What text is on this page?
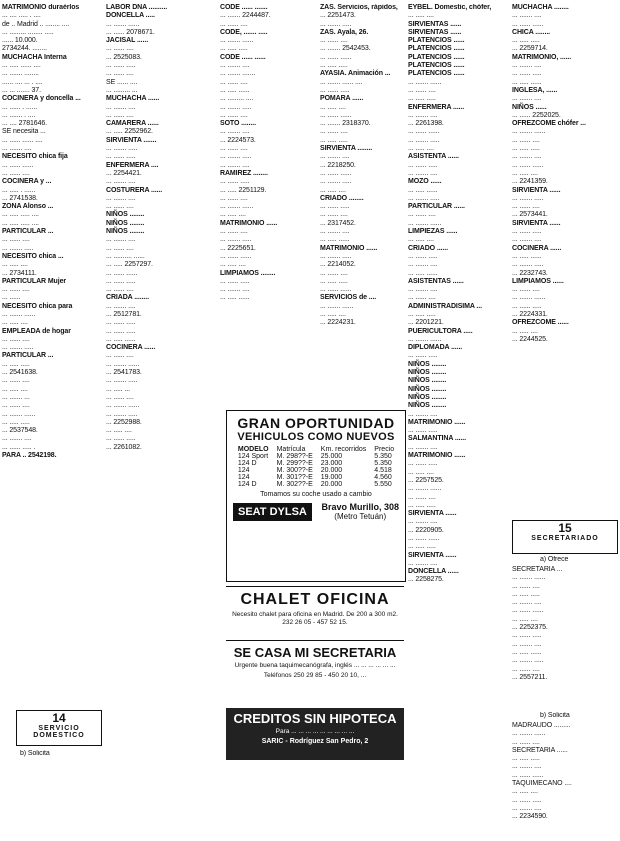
MATRIMONIO duraérlos

... .... ..... . ....

de .. Madrid .. ........ ....

... ......... ........ .....

...... 10.000.

2734244. ........

MUCHACHA Interna

... ..... ...... ....

... ....... ........

...... .... ... . ....

... ... ....... 37.

COCINERA y doncella ...

... ...... . ......

... ....... . ....

... .... 2781646.

SE necesita ...

... ...... ...... ....

... ....... ....

NECESITO chica fija

... ...... ......

... ...... ....

COCINERA y ...

... ..... . ......

... 2741538.

ZONA Alonso ...

... ..... ..... ....

... ..... ..... ....

PARTICULAR ...

... ...... ....

... ....... .....

NECESITO chica ...

... ..... ....

... 2734111.

PARTICULAR Mujer

... ...... ....

... ......

NECESITO chica para

... ....... ......

... ..... ....

EMPLEADA de hogar

... ...... ....

... ....... .....

PARTICULAR ...

... ..... .....

... 2541638.

... ...... ....

... ..... ....

... ....... ...

... ...... ....

... ....... ......

... ..... .....

... 2537548.

... ....... ....

... ...... ..... .

PARA .. 2542198.

14
SERVICIO DOMESTICO

b) Solicita

LABOR DNA ..........

DONCELLA .....

... ....... ......

... ...... 2078671.

JACISAL ......

... ...... ....

... 2525083.

... ...... .....

... ...... ....

SE ...... ....

... ......... ...

MUCHACHA ......

... ....... ....

... ...... ....

CAMARERA ......

... ..... 2252962.

SIRVIENTA .......

... ....... .....

... ...... .....

ENFERMERA ....

... 2254421.

... ....... ....

COSTURERA ......

... ....... ....

... ...... ....

NIÑOS ........

NIÑOS ........

NIÑOS ........

... ....... ....

... ...... ....

... .......... ......

... ..... 2257297.

... ...... ......

... ...... .....

... ...... ....

CRIADA ........

... ....... ....

... 2512781.

... ...... .....

... ...... .....

... ..... ......

COCINERA ......

... ...... ....

... ....... ......

... 2541783.

... ....... .....

... ..... ...

... ...... ....

... ....... ......

... ....... .....

... 2252988.

... ..... ....

... ...... .....

... 2261082.

CODE ...... .......

... ....... 2244487.

... ...... ....

CODE, ....... .....

... ....... ......

... ..... .....

CODE ...... ......

... ....... ....

... ....... .......

... ...... ....

... ..... ......

... ......... ....

... ....... .....

... ...... ....

SOTO ........

... ....... ....

... 2224573.

... ...... ....

... ....... .....

... ....... ....

RAMIREZ ........

... ...... .....

... ..... 2251129.

... ...... ....

... ....... ......

... ..... ....

MATRIMONIO ......

... ...... ....

... ....... .....

... 2225651.

... ...... ......

... ..... ....

LIMPIAMOS ........

... ...... .....

... ....... ....

... ..... ......

ZAS. Servicios, rápidos,

... 2251473.

... ....... .....

ZAS. Ayala, 26.

... ...... ....

... ....... 2542453.

... ...... ......

... ..... .....

AYASIA. Animación ...

... ....... ...... ....

... ...... .....

POMARA ......

... ..... ....

... ...... ......

... ....... 2318370.

... ...... ....

... ..... .....

SIRVIENTA ........

... ....... ....

... 2218250.

... ...... ......

... ....... .....

... ..... ....

CRIADO ........

... ...... .....

... ...... ....

... 2317452.

... ....... ....

... ..... ......

MATRIMONIO ......

... ....... .....

... 2214052.

... ...... ....

... ..... .....

... ...... ......

SERVICIOS de ....

... ....... ......

... ..... ....

... 2224231.

GRAN OPORTUNIDAD
VEHICULOS COMO NUEVOS
MODELO	Matrícula	Km. recorridos	Precio
124 Sport	M. 298??-E	25.000	5.350
124 D	M. 299??-E	23.000	5.350
124	M. 300??-E	20.000	4.518
124	M. 301??-E	19.000	4.560
124 D	M. 302??-E	20.000	5.550
Tomamos su coche usado a cambio
SEAT DYLSA	Bravo Murillo, 308
(Metro Tetuán)
CHALET OFICINA
Necesito chalet para oficina en Madrid. De 200 a 300 m2. 232 26 05 - 457 52 15.
SE CASA MI SECRETARIA
Urgente buena taquimecanógrafa, inglés ... ... ... ... ... ...
Teléfonos 250 29 85 - 450 20 10, ...
CREDITOS SIN HIPOTECA
Para ... ... ... ... ... ... ... ... ...
SARIC - Rodríguez San Pedro, 2

EYBEL. Domestic, chófer,

... ..... ....

SIRVIENTAS ......

SIRVIENTAS ......

PLATENCIOS ......

PLATENCIOS ......

PLATENCIOS ......

PLATENCIOS ......

PLATENCIOS ......

... ....... ......

... ...... ....

... ..... .....

ENFERMERA ......

... ....... ....

... 2261398.

... ...... ......

... ....... .....

... ..... ....

ASISTENTA ......

... ...... .....

... ....... ....

MOZO ......

... ..... ......

... ....... .....

PARTICULAR ......

... ...... ....

... ....... ......

LIMPIEZAS ......

... ..... ....

CRIADO ......

... ...... .....

... ....... ....

... ..... ......

ASISTENTAS ......

... ....... ....

... ...... ....

ADMINISTRADISIMA ...

... ..... .....

... 2201221.

PUERICULTORA .....

... ....... ......

DIPLOMADA ......

... ...... .....

NIÑOS ........

NIÑOS ........

NIÑOS ........

NIÑOS ........

NIÑOS ........

NIÑOS ........

... ....... ....

MATRIMONIO ......

... ...... .....

SALMANTINA ......

... ....... ....

MATRIMONIO ......

... ...... .....

... ..... ....

... 2257525.

... ....... ......

... ...... ....

... ..... .....

SIRVIENTA ......

... ....... ....

... 2220905.

... ...... ......

... ..... .....

SIRVIENTA ......

... ....... ....

DONCELLA ......

... 2258275.

MUCHACHA ........

... ....... ....

... ...... ......

CHICA ........

... ..... .....

... 2259714.

MATRIMONIO, ......

... ....... ....

... ...... .....

... ..... ......

INGLESA, ......

... ....... ....

NIÑOS ......

... ...... 2252025.

OFREZCOME chófer ...

... ....... ......

... ...... ....

... ..... .....

... ....... ....

... ...... ......

... ..... ....

... 2241359.

SIRVIENTA ......

... ....... .....

... ...... ....

... 2573441.

SIRVIENTA ......

... ...... .....

... ....... ....

COCINERA ......

... ..... ......

... ....... .....

... 2232743.

LIMPIAMOS ......

... ...... ....

... ....... ......

... ...... .....

... 2224331.

OFREZCOME ......

... ..... ....

... 2244525.

15
SECRETARIADO

a) Ofrece

SECRETARIA ...

... ....... ......

... ...... ....

... ..... .....

... ....... ....

... ...... ......

... ..... ....

... 2252375.

... ...... .....

... ....... ....

... ..... ......

... ....... .....

... ...... ....

... 2557211.

b) Solicita

MADRAUDO .........

... ....... ......

... ...... ....

SECRETARIA ......

... ..... .....

... ....... ....

... ...... ......

TAQUIMECANO ....

... ..... ....

... ...... .....

... ....... ....

... 2234590.
